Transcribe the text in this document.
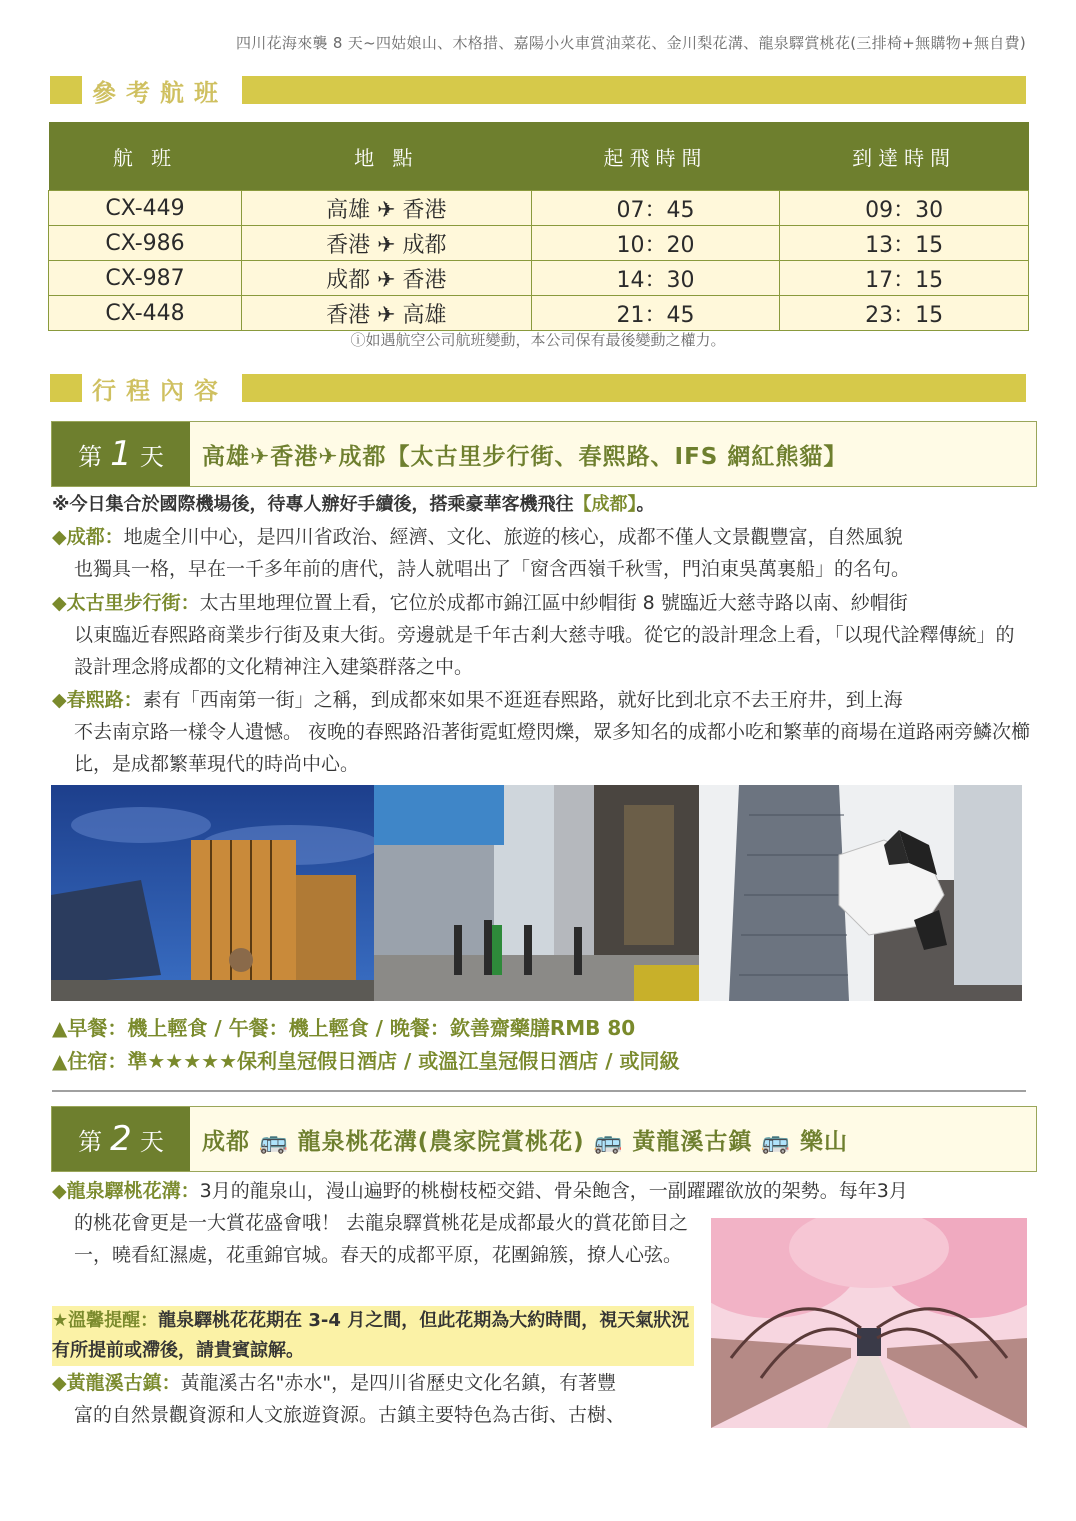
四川花海來襲 8 天~四姑娘山、木格措、嘉陽小火車賞油菜花、金川梨花溝、龍泉驛賞桃花(三排椅+無購物+無自費)
參考航班
航 班	地 點	起飛時間	到達時間
CX-449	高雄 ✈ 香港	07：45	09：30
CX-986	香港 ✈ 成都	10：20	13：15
CX-987	成都 ✈ 香港	14：30	17：15
CX-448	香港 ✈ 高雄	21：45	23：15
ⓘ如遇航空公司航班變動，本公司保有最後變動之權力。
行程內容
第 1 天 高雄✈香港✈成都【太古里步行街、春熙路、IFS 網紅熊貓】
※今日集合於國際機場後，待專人辦好手續後，搭乘豪華客機飛往【成都】。
◆成都：地處全川中心，是四川省政治、經濟、文化、旅遊的核心，成都不僅人文景觀豐富，自然風貌
也獨具一格，早在一千多年前的唐代，詩人就唱出了「窗含西嶺千秋雪，門泊東吳萬裏船」的名句。
◆太古里步行街：太古里地理位置上看，它位於成都市錦江區中紗帽街 8 號臨近大慈寺路以南、紗帽街
以東臨近春熙路商業步行街及東大街。旁邊就是千年古剎大慈寺哦。從它的設計理念上看，「以現代詮釋傳統」的設計理念將成都的文化精神注入建築群落之中。
◆春熙路：素有「西南第一街」之稱，到成都來如果不逛逛春熙路，就好比到北京不去王府井，到上海
不去南京路一樣令人遺憾。 夜晚的春熙路沿著街霓虹燈閃爍，眾多知名的成都小吃和繁華的商場在道路兩旁鱗次櫛比，是成都繁華現代的時尚中心。
▲早餐：機上輕食 / 午餐：機上輕食 / 晚餐：欽善齋藥膳RMB 80
▲住宿：準★★★★★保利皇冠假日酒店 / 或溫江皇冠假日酒店 / 或同級
第 2 天 成都 🚌 龍泉桃花溝(農家院賞桃花) 🚌 黃龍溪古鎮 🚌 樂山
◆龍泉驛桃花溝：3月的龍泉山，漫山遍野的桃樹枝椏交錯、骨朵飽含，一副躍躍欲放的架勢。每年3月
的桃花會更是一大賞花盛會哦！ 去龍泉驛賞桃花是成都最火的賞花節目之一，曉看紅濕處，花重錦官城。春天的成都平原，花團錦簇，撩人心弦。
★溫馨提醒：龍泉驛桃花花期在 3-4 月之間，但此花期為大約時間，視天氣狀況有所提前或滯後，請貴賓諒解。
◆黃龍溪古鎮：黃龍溪古名"赤水"，是四川省歷史文化名鎮，有著豐
富的自然景觀資源和人文旅遊資源。古鎮主要特色為古街、古樹、
